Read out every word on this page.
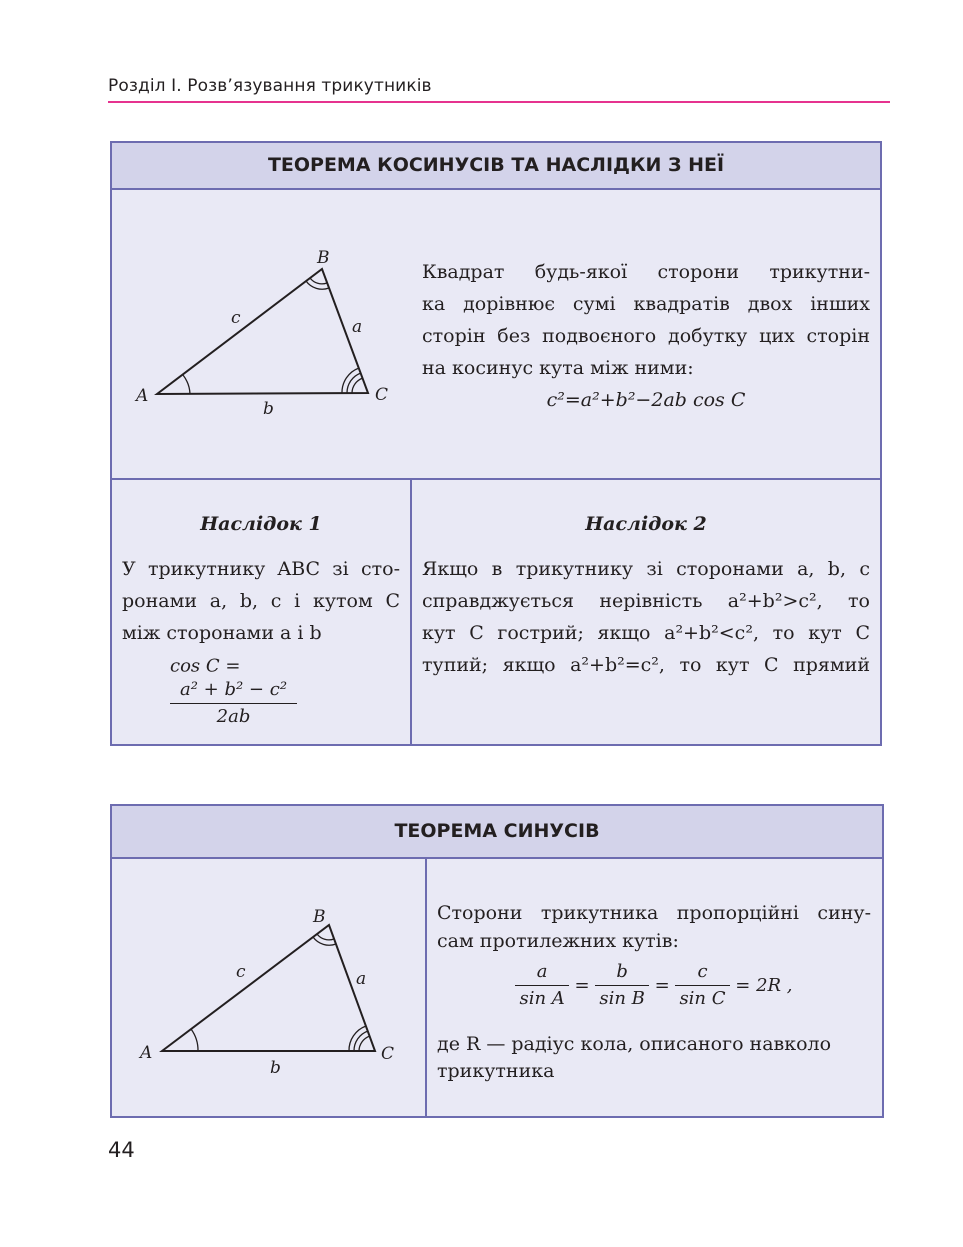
Розділ I. Розв’язування трикутників
ТЕОРЕМА КОСИНУСІВ ТА НАСЛІДКИ З НЕЇ
A
B
C
c	a
b
Квадрат будь-якої сторони трикутни-
ка дорівнює сумі квадратів двох інших
сторін без подвоєного добутку цих сторін
на косинус кута між ними:
c²=a²+b²−2ab cos C
Наслідок 1
У трикутнику ABC зі сто-
ронами a, b, c і кутом C
між сторонами a і b
cos C =
$\frac{\text{a² + b² − c²}}{2ab}$
Наслідок 2
Якщо в трикутнику зі сторонами a, b, c
справджується нерівність a²+b²>c², то
кут C гострий; якщо a²+b²<c², то кут C
тупий; якщо a²+b²=c², то кут C прямий
ТЕОРЕМА СИНУСІВ
A
B
C
c	a
b
Сторони трикутника пропорційні сину-
сам протилежних кутів:
$\frac{a}{\text{sin A}} = \frac{b}{\text{sin B}} = \frac{c}{\text{sin C}} = 2R$ ,
де R — радіус кола, описаного навколо
трикутника
44
